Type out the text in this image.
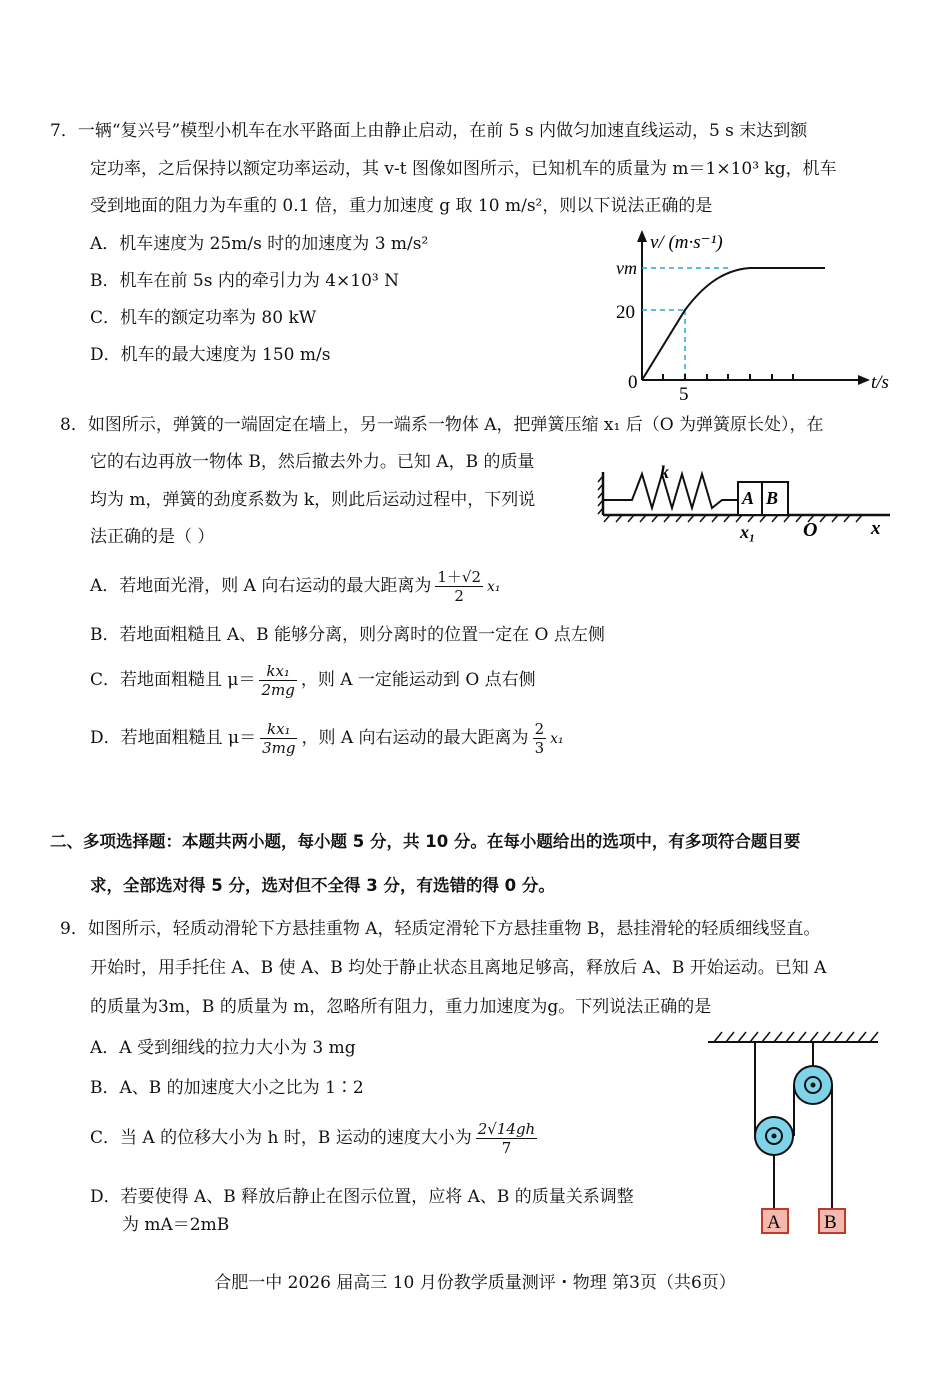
7．一辆“复兴号”模型小机车在水平路面上由静止启动，在前 5 s 内做匀加速直线运动，5 s 末达到额
定功率，之后保持以额定功率运动，其 v-t 图像如图所示，已知机车的质量为 m＝1×10³ kg，机车
受到地面的阻力为车重的 0.1 倍，重力加速度 g 取 10 m/s²，则以下说法正确的是
A．机车速度为 25m/s 时的加速度为 3 m/s²
B．机车在前 5s 内的牵引力为 4×10³ N
C．机车的额定功率为 80 kW
D．机车的最大速度为 150 m/s
v/ (m·s⁻¹)
vm
20
0
5
t/s
8．如图所示，弹簧的一端固定在墙上，另一端系一物体 A，把弹簧压缩 x₁ 后（O 为弹簧原长处），在
它的右边再放一物体 B，然后撤去外力。已知 A，B 的质量
均为 m，弹簧的劲度系数为 k，则此后运动过程中，下列说
法正确的是（ ）
k
A B
x₁ O	x
A．若地面光滑，则 A 向右运动的最大距离为 $\frac{1+√2}{2} x_1$
B．若地面粗糙且 A、B 能够分离，则分离时的位置一定在 O 点左侧
C．若地面粗糙且 $\mu= \frac{\text{kx₁}}{2mg}$ ，则 A 一定能运动到 O 点右侧
D．若地面粗糙且 $\mu= \frac{\text{kx₁}}{3mg}$ ，则 A 向右运动的最大距离为 $\frac{2}{3} x_1$
二、多项选择题：本题共两小题，每小题 5 分，共 10 分。在每小题给出的选项中，有多项符合题目要
求，全部选对得 5 分，选对但不全得 3 分，有选错的得 0 分。
9．如图所示，轻质动滑轮下方悬挂重物 A，轻质定滑轮下方悬挂重物 B，悬挂滑轮的轻质细线竖直。
开始时，用手托住 A、B 使 A、B 均处于静止状态且离地足够高，释放后 A、B 开始运动。已知 A
的质量为3m，B 的质量为 m，忽略所有阻力，重力加速度为g。下列说法正确的是
A．A 受到细线的拉力大小为 3 mg
B．A、B 的加速度大小之比为 1∶2
C．当 A 的位移大小为 h 时，B 运动的速度大小为 $\frac{2√14gh}{7}$
D．若要使得 A、B 释放后静止在图示位置，应将 A、B 的质量关系调整
为 mA＝2mB	A B
合肥一中 2026 届高三 10 月份教学质量测评・物理 第3页（共6页）
